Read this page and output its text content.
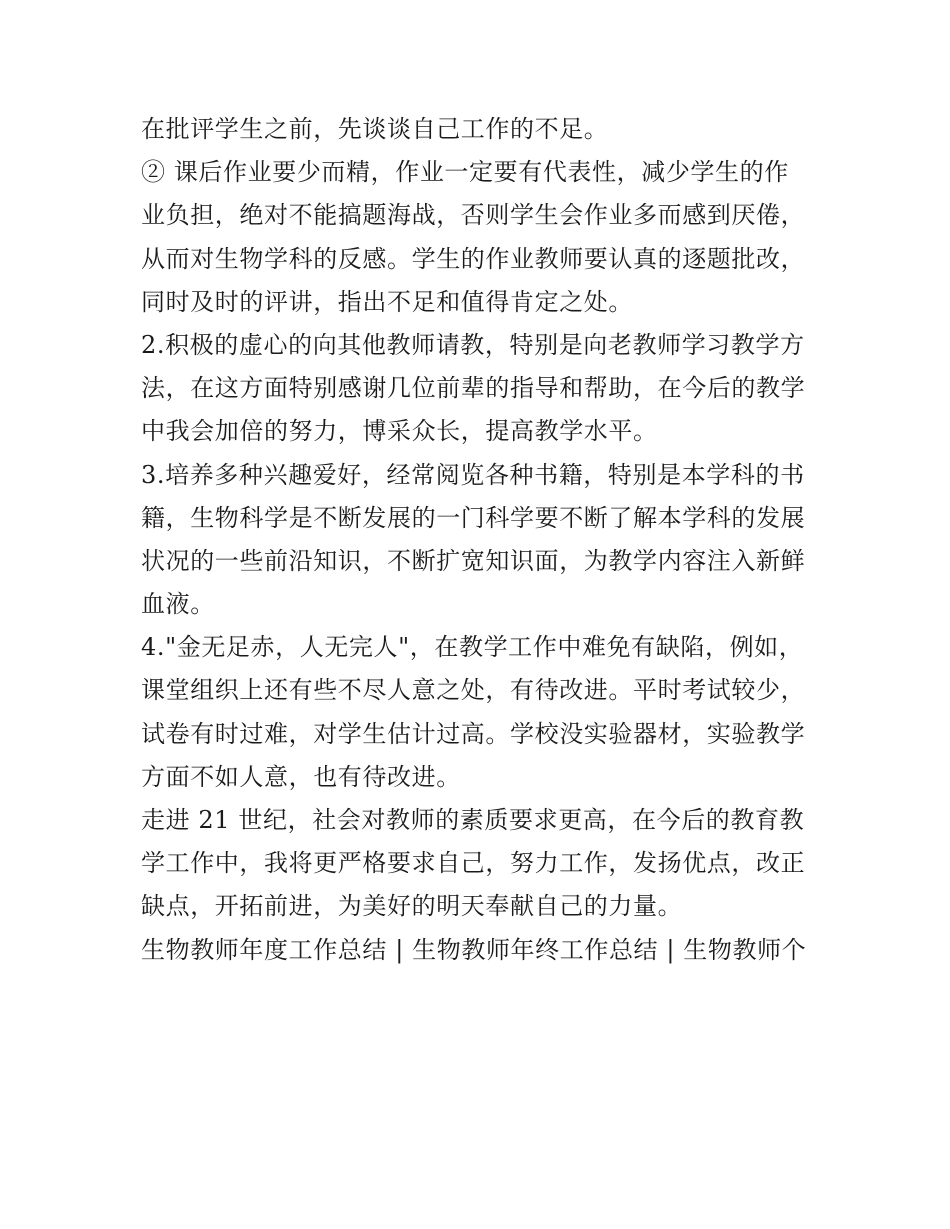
在批评学生之前，先谈谈自己工作的不足。
② 课后作业要少而精，作业一定要有代表性，减少学生的作
业负担，绝对不能搞题海战，否则学生会作业多而感到厌倦，
从而对生物学科的反感。学生的作业教师要认真的逐题批改，
同时及时的评讲，指出不足和值得肯定之处。
2.积极的虚心的向其他教师请教，特别是向老教师学习教学方
法，在这方面特别感谢几位前辈的指导和帮助，在今后的教学
中我会加倍的努力，博采众长，提高教学水平。
3.培养多种兴趣爱好，经常阅览各种书籍，特别是本学科的书
籍，生物科学是不断发展的一门科学要不断了解本学科的发展
状况的一些前沿知识，不断扩宽知识面，为教学内容注入新鲜
血液。
4."金无足赤，人无完人"，在教学工作中难免有缺陷，例如，
课堂组织上还有些不尽人意之处，有待改进。平时考试较少，
试卷有时过难，对学生估计过高。学校没实验器材，实验教学
方面不如人意，也有待改进。
走进 21 世纪，社会对教师的素质要求更高，在今后的教育教
学工作中，我将更严格要求自己，努力工作，发扬优点，改正
缺点，开拓前进，为美好的明天奉献自己的力量。
生物教师年度工作总结 | 生物教师年终工作总结 | 生物教师个
